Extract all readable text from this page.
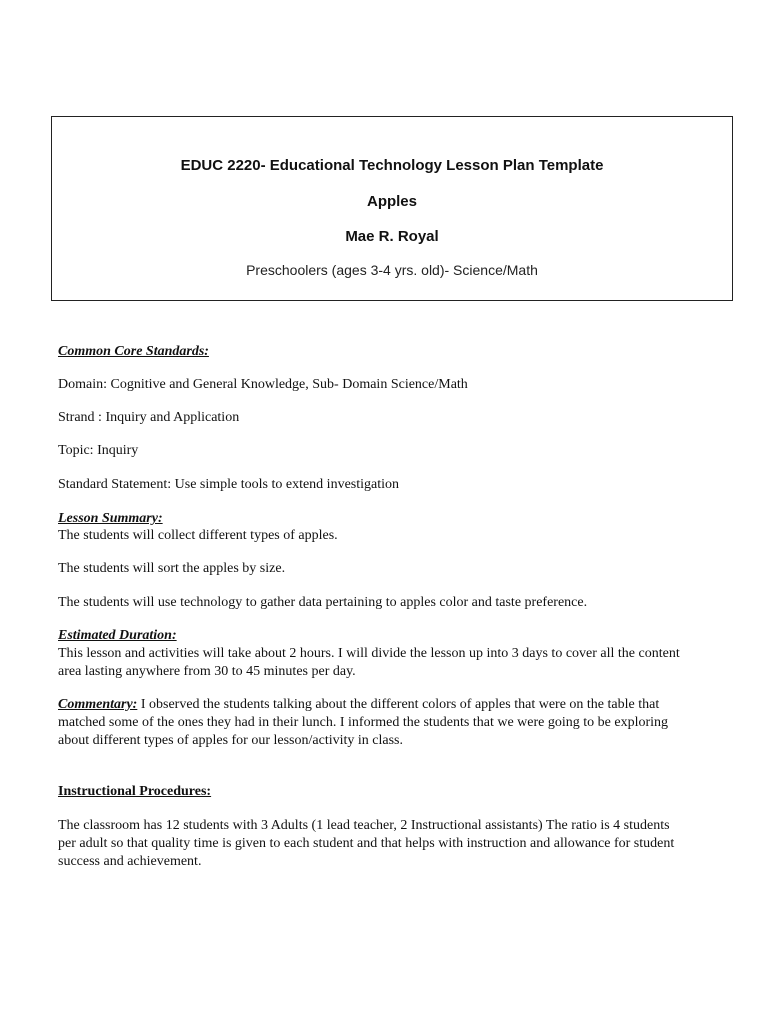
EDUC 2220- Educational Technology Lesson Plan Template
Apples
Mae R. Royal
Preschoolers (ages 3-4 yrs. old)- Science/Math
Common Core Standards:
Domain: Cognitive and General Knowledge, Sub- Domain Science/Math
Strand : Inquiry and Application
Topic: Inquiry
Standard Statement: Use simple tools to extend investigation
Lesson Summary:
The students will collect different types of apples.
The students will sort the apples by size.
The students will use technology to gather data pertaining to apples color and taste preference.
Estimated Duration:
This lesson and activities will take about 2 hours. I will divide the lesson up into 3 days to cover all the content
area lasting anywhere from 30 to 45 minutes per day.
Commentary: I observed the students talking about the different colors of apples that were on the table that
matched some of the ones they had in their lunch. I informed the students that we were going to be exploring
about different types of apples for our lesson/activity in class.
Instructional Procedures:
The classroom has 12 students with 3 Adults (1 lead teacher, 2 Instructional assistants) The ratio is 4 students
per adult so that quality time is given to each student and that helps with instruction and allowance for student
success and achievement.
